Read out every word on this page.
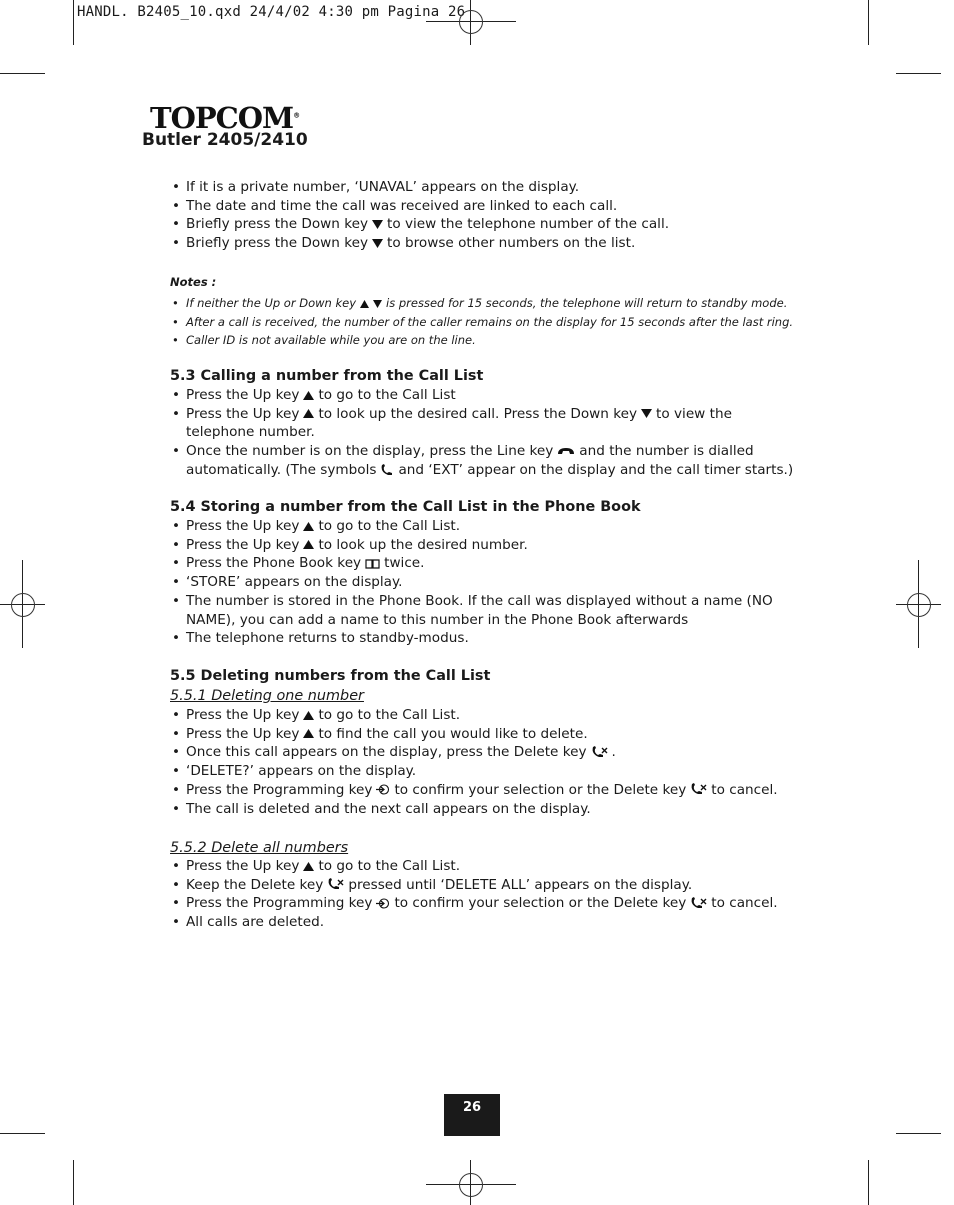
HANDL. B2405_10.qxd 24/4/02 4:30 pm Pagina 26
TOPCOM®
Butler 2405/2410
• If it is a private number, ‘UNAVAL’ appears on the display.
• The date and time the call was received are linked to each call.
• Briefly press the Down key to view the telephone number of the call.
• Briefly press the Down key to browse other numbers on the list.
Notes :
• If neither the Up or Down key	is pressed for 15 seconds, the telephone will return to standby mode.
• After a call is received, the number of the caller remains on the display for 15 seconds after the last ring.
• Caller ID is not available while you are on the line.
5.3 Calling a number from the Call List
• Press the Up key to go to the Call List
• Press the Up key to look up the desired call. Press the Down key to view the telephone number.
• Once the number is on the display, press the Line key and the number is dialled automatically. (The symbols and ‘EXT’ appear on the display and the call timer starts.)
5.4 Storing a number from the Call List in the Phone Book
• Press the Up key to go to the Call List.
• Press the Up key to look up the desired number.
• Press the Phone Book key twice.
• ‘STORE’ appears on the display.
• The number is stored in the Phone Book. If the call was displayed without a name (NO NAME), you can add a name to this number in the Phone Book afterwards
• The telephone returns to standby-modus.
5.5 Deleting numbers from the Call List
5.5.1 Deleting one number
• Press the Up key to go to the Call List.
• Press the Up key to find the call you would like to delete.
• Once this call appears on the display, press the Delete key .
• ‘DELETE?’ appears on the display.
• Press the Programming key to confirm your selection or the Delete key to cancel.
• The call is deleted and the next call appears on the display.
5.5.2 Delete all numbers
• Press the Up key to go to the Call List.
• Keep the Delete key pressed until ‘DELETE ALL’ appears on the display.
• Press the Programming key to confirm your selection or the Delete key to cancel.
• All calls are deleted.
26
